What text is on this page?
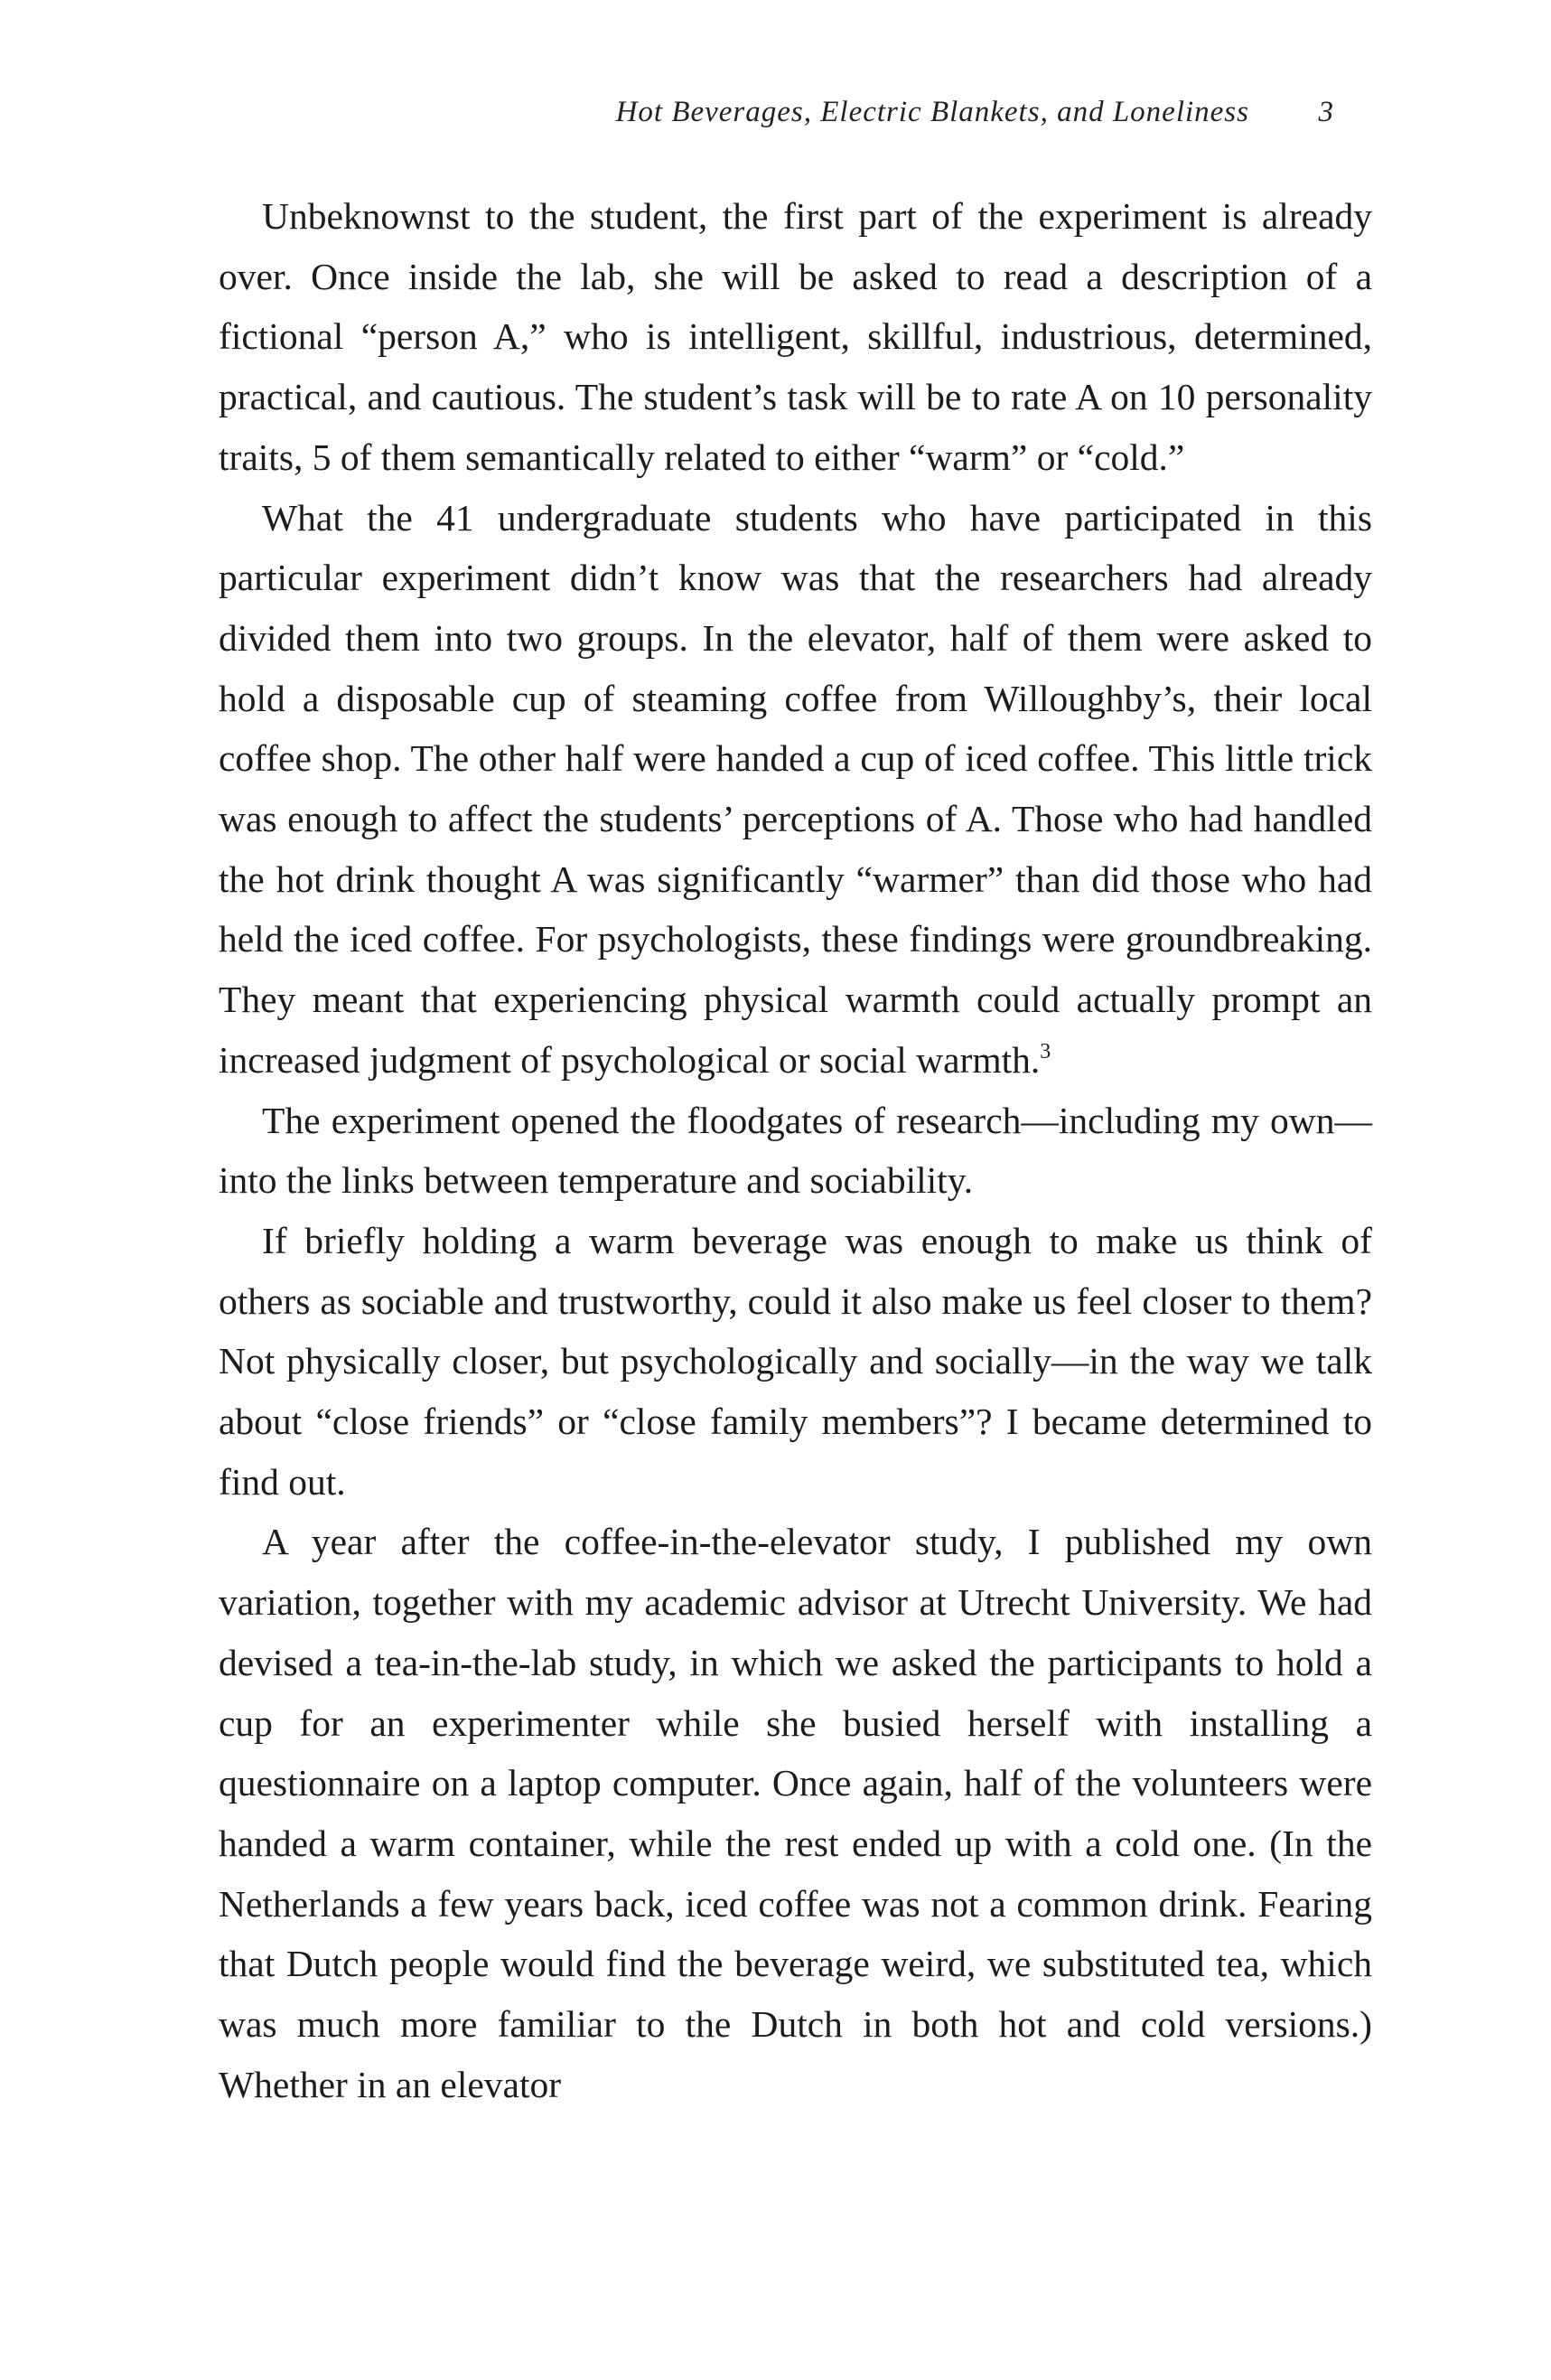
Hot Beverages, Electric Blankets, and Loneliness 3

Unbeknownst to the student, the first part of the experiment is already over. Once inside the lab, she will be asked to read a description of a fictional “person A,” who is intelligent, skillful, industrious, determined, practical, and cautious. The student’s task will be to rate A on 10 personality traits, 5 of them semantically related to either “warm” or “cold.”

What the 41 undergraduate students who have participated in this particular experiment didn’t know was that the researchers had already divided them into two groups. In the elevator, half of them were asked to hold a disposable cup of steaming coffee from Willoughby’s, their local coffee shop. The other half were handed a cup of iced coffee. This little trick was enough to affect the students’ perceptions of A. Those who had handled the hot drink thought A was significantly “warmer” than did those who had held the iced coffee. For psychologists, these findings were groundbreaking. They meant that experiencing physical warmth could actually prompt an increased judgment of psychological or social warmth.$^3$

The experiment opened the floodgates of research—including my own—into the links between temperature and sociability.

If briefly holding a warm beverage was enough to make us think of others as sociable and trustworthy, could it also make us feel closer to them? Not physically closer, but psychologically and socially—in the way we talk about “close friends” or “close family members”? I became determined to find out.

A year after the coffee-in-the-elevator study, I published my own variation, together with my academic advisor at Utrecht University. We had devised a tea-in-the-lab study, in which we asked the participants to hold a cup for an experimenter while she busied herself with installing a questionnaire on a laptop computer. Once again, half of the volunteers were handed a warm container, while the rest ended up with a cold one. (In the Netherlands a few years back, iced coffee was not a common drink. Fearing that Dutch people would find the beverage weird, we substituted tea, which was much more familiar to the Dutch in both hot and cold versions.) Whether in an elevator
